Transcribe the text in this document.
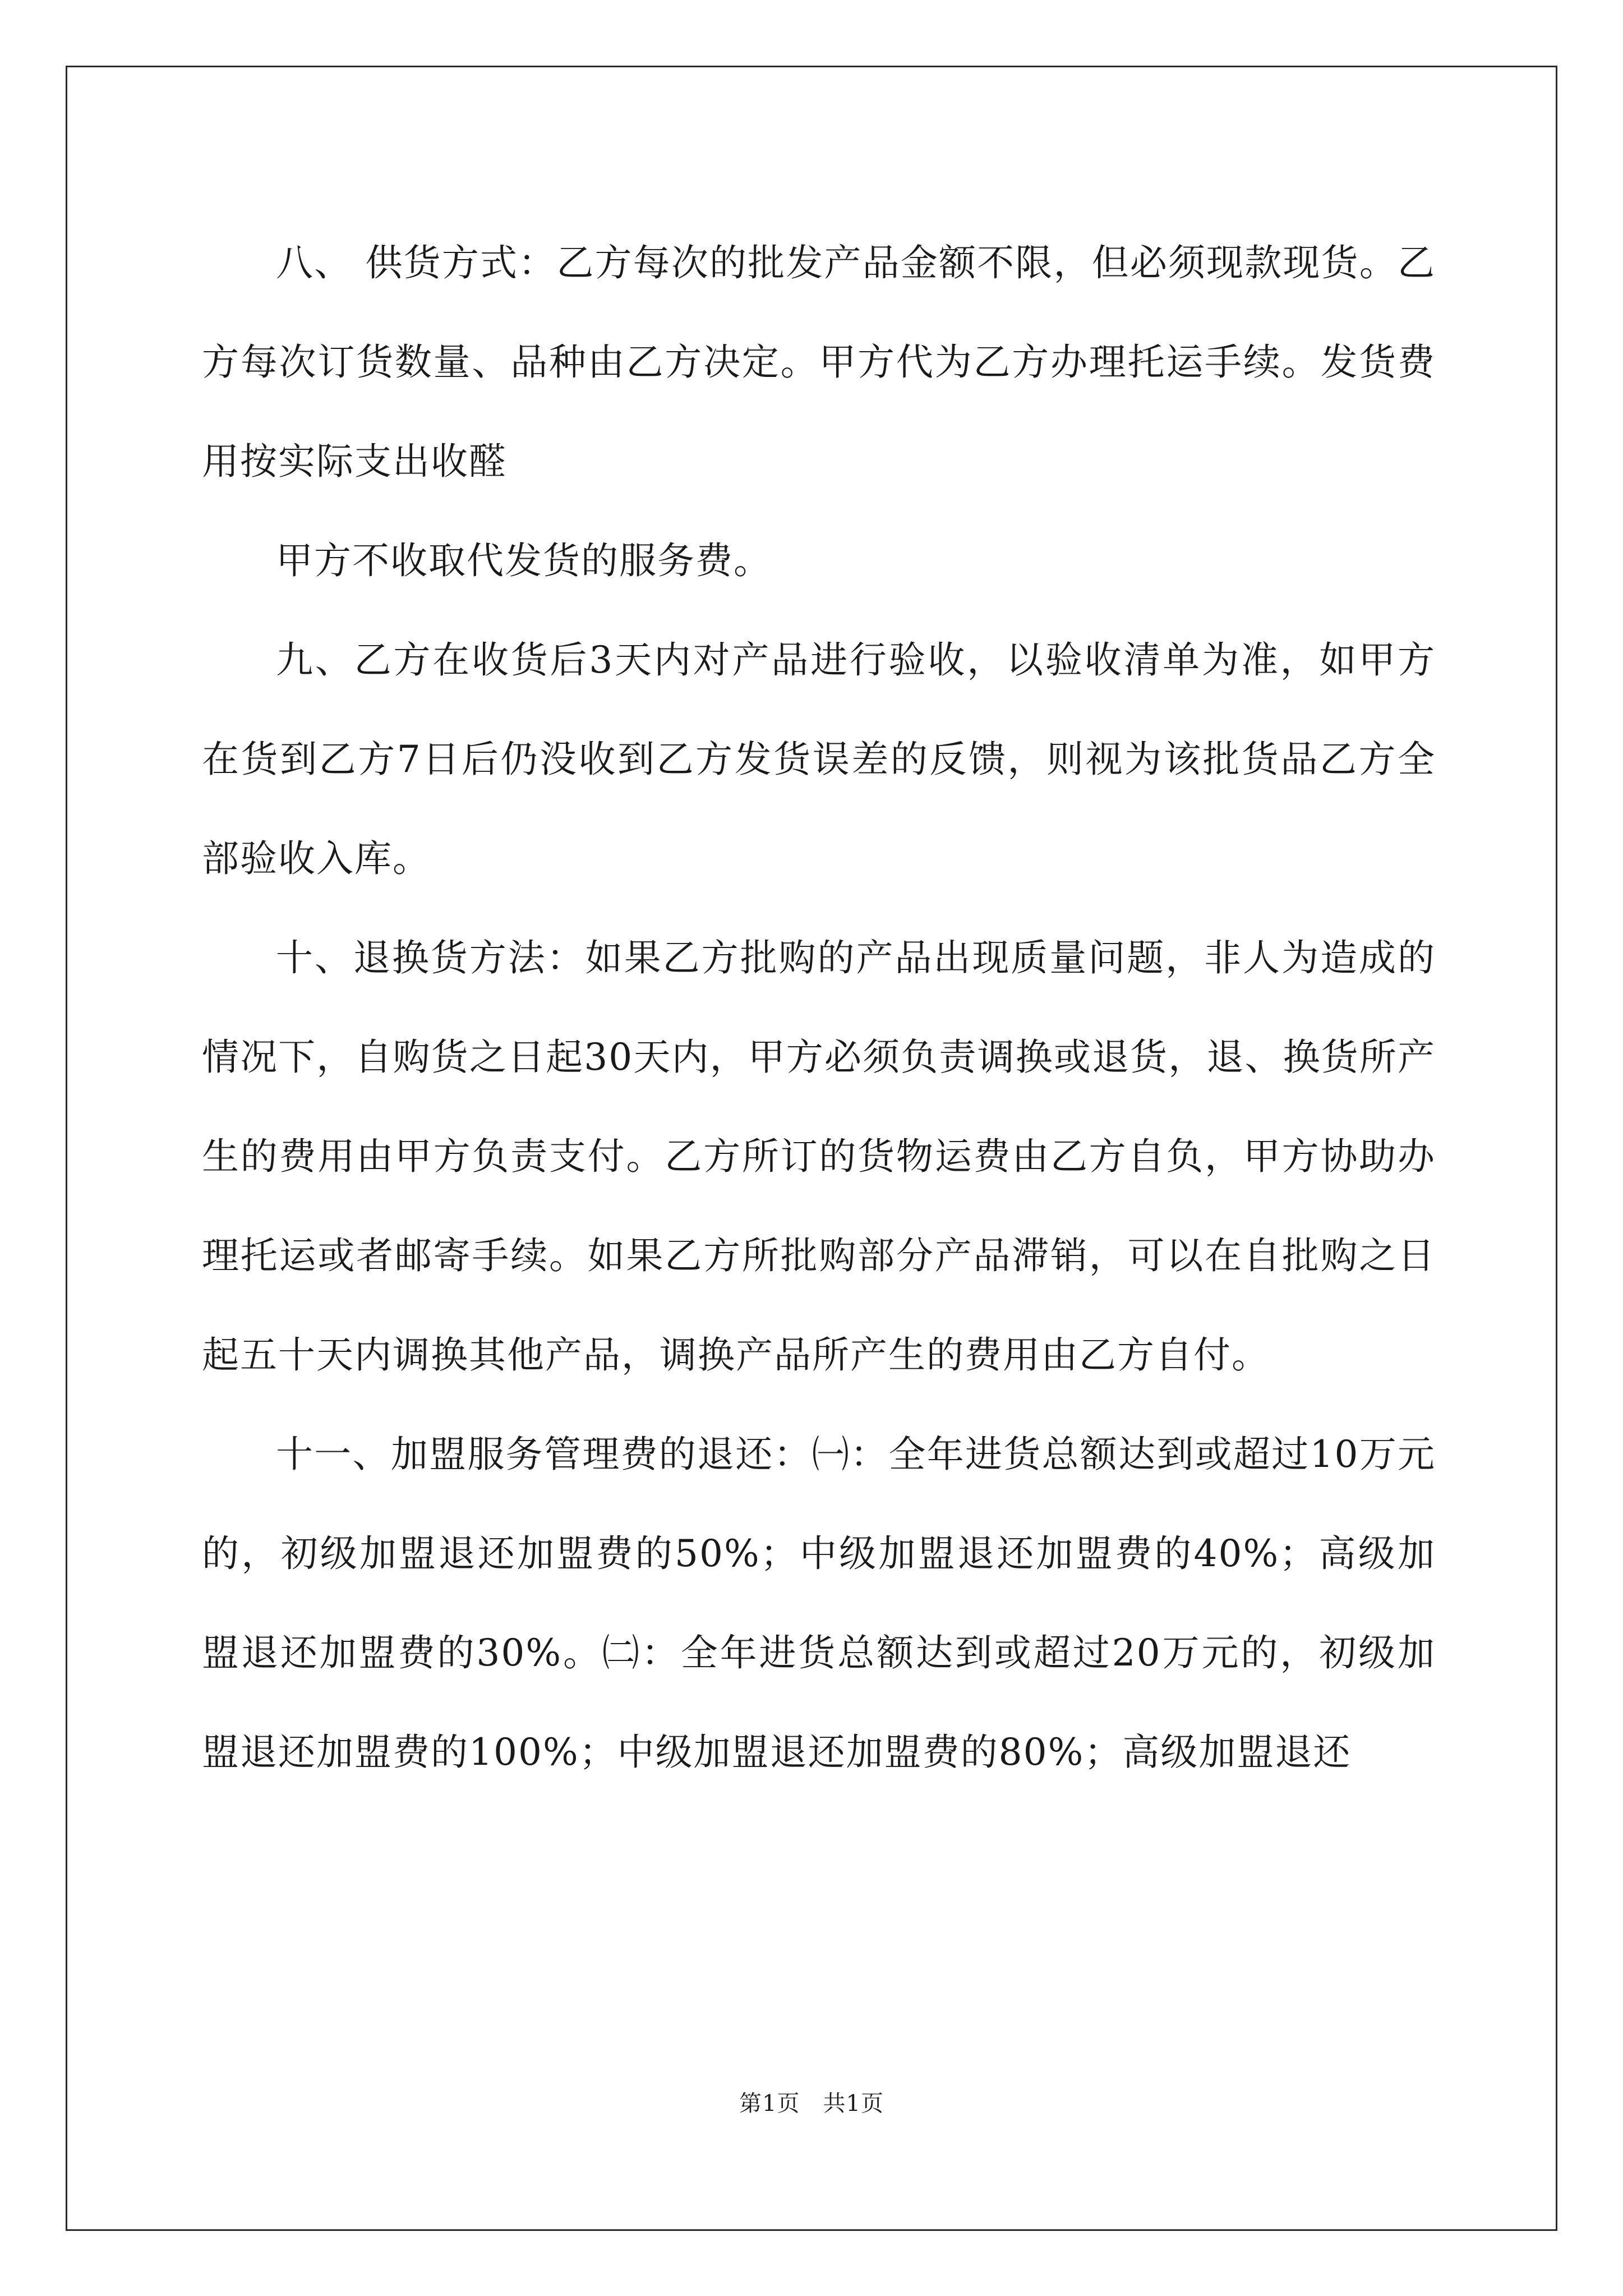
八、 供货方式：乙方每次的批发产品金额不限，但必须现款现货。乙方每次订货数量、品种由乙方决定。甲方代为乙方办理托运手续。发货费用按实际支出收醛

甲方不收取代发货的服务费。

九、乙方在收货后3天内对产品进行验收，以验收清单为准，如甲方在货到乙方7日后仍没收到乙方发货误差的反馈，则视为该批货品乙方全部验收入库。

十、退换货方法：如果乙方批购的产品出现质量问题，非人为造成的情况下，自购货之日起30天内，甲方必须负责调换或退货，退、换货所产生的费用由甲方负责支付。乙方所订的货物运费由乙方自负，甲方协助办理托运或者邮寄手续。如果乙方所批购部分产品滞销，可以在自批购之日起五十天内调换其他产品，调换产品所产生的费用由乙方自付。

十一、加盟服务管理费的退还：㈠：全年进货总额达到或超过10万元的，初级加盟退还加盟费的50%；中级加盟退还加盟费的40%；高级加盟退还加盟费的30%。㈡：全年进货总额达到或超过20万元的，初级加盟退还加盟费的100%；中级加盟退还加盟费的80%；高级加盟退还

第1页　共1页
